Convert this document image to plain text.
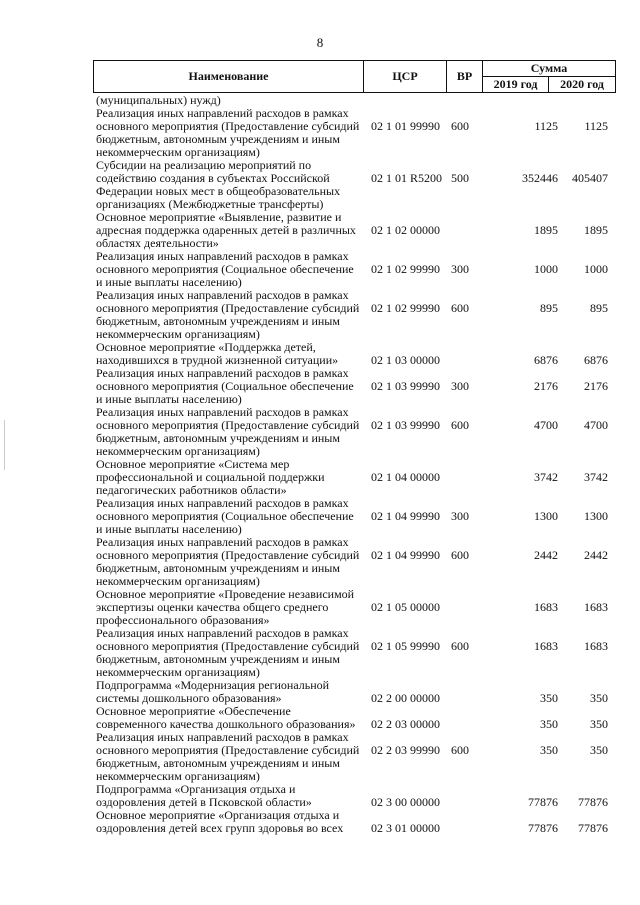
8
Наименование	ЦСР	ВР	Сумма	
			2019 год	2020 год
(муниципальных) нужд)
Реализация иных направлений расходов в рамках основного мероприятия (Предоставление субсидий бюджетным, автономным учреждениям и иным некоммерческим организациям)
02 1 01 99990 600	1125	1125
Субсидии на реализацию мероприятий по содействию создания в субъектах Российской Федерации новых мест в общеобразовательных организациях (Межбюджетные трансферты)
02 1 01 R5200 500	352446	405407
Основное мероприятие «Выявление, развитие и адресная поддержка одаренных детей в различных областях деятельности»
02 1 02 00000	1895	1895
Реализация иных направлений расходов в рамках основного мероприятия (Социальное обеспечение и иные выплаты населению)
02 1 02 99990 300	1000	1000
Реализация иных направлений расходов в рамках основного мероприятия (Предоставление субсидий бюджетным, автономным учреждениям и иным некоммерческим организациям)
02 1 02 99990 600	895	895
Основное мероприятие «Поддержка детей, находившихся в трудной жизненной ситуации»	02 1 03 00000	6876	6876
Реализация иных направлений расходов в рамках основного мероприятия (Социальное обеспечение и иные выплаты населению)
02 1 03 99990 300	2176	2176
Реализация иных направлений расходов в рамках основного мероприятия (Предоставление субсидий бюджетным, автономным учреждениям и иным некоммерческим организациям)
02 1 03 99990 600	4700	4700
Основное мероприятие «Система мер профессиональной и социальной поддержки педагогических работников области»
02 1 04 00000	3742	3742
Реализация иных направлений расходов в рамках основного мероприятия (Социальное обеспечение и иные выплаты населению)
02 1 04 99990 300	1300	1300
Реализация иных направлений расходов в рамках основного мероприятия (Предоставление субсидий бюджетным, автономным учреждениям и иным некоммерческим организациям)
02 1 04 99990 600	2442	2442
Основное мероприятие «Проведение независимой экспертизы оценки качества общего среднего профессионального образования»
02 1 05 00000	1683	1683
Реализация иных направлений расходов в рамках основного мероприятия (Предоставление субсидий бюджетным, автономным учреждениям и иным некоммерческим организациям)
02 1 05 99990 600	1683	1683
Подпрограмма «Модернизация региональной системы дошкольного образования»	02 2 00 00000	350	350
Основное мероприятие «Обеспечение современного качества дошкольного образования»	02 2 03 00000	350	350
Реализация иных направлений расходов в рамках основного мероприятия (Предоставление субсидий бюджетным, автономным учреждениям и иным некоммерческим организациям)
02 2 03 99990 600	350	350
Подпрограмма «Организация отдыха и оздоровления детей в Псковской области»	02 3 00 00000	77876	77876
Основное мероприятие «Организация отдыха и оздоровления детей всех групп здоровья во всех	02 3 01 00000	77876	77876
